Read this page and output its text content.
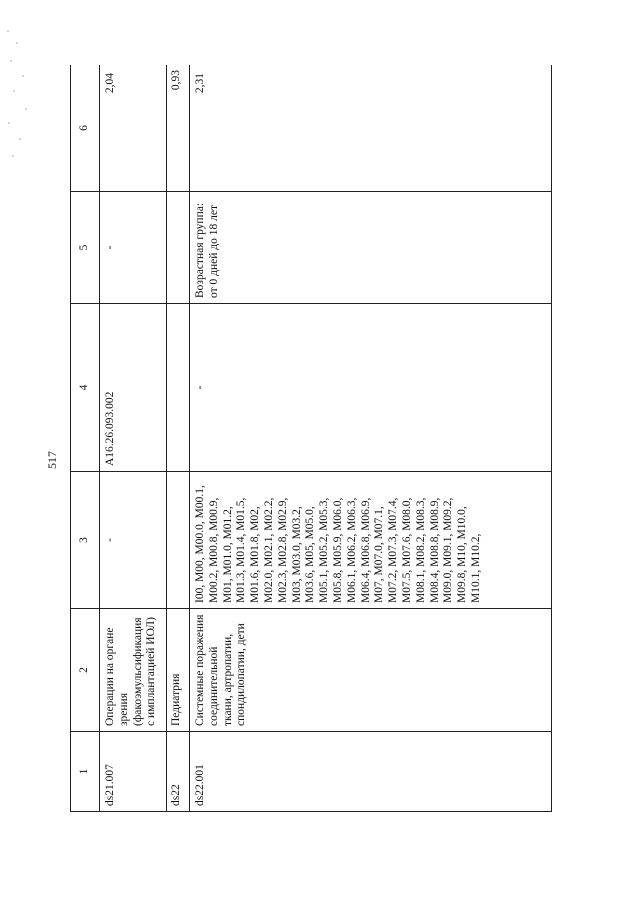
517
1	2	3	4	5	6
ds21.007	Операции на органе зрения (факоэмульсификация с имплантацией ИОЛ)	-	A16.26.093.002	-	2,04
ds22	Педиатрия				0,93
ds22.001	Системные поражения соединительной ткани, артропатии, спондилопатии, дети	I00, M00, M00.0, M00.1, M00.2, M00.8, M00.9, M01, M01.0, M01.2, M01.3, M01.4, M01.5, M01.6, M01.8, M02, M02.0, M02.1, M02.2, M02.3, M02.8, M02.9, M03, M03.0, M03.2, M03.6, M05, M05.0, M05.1, M05.2, M05.3, M05.8, M05.9, M06.0, M06.1, M06.2, M06.3, M06.4, M06.8, M06.9, M07, M07.0, M07.1, M07.2, M07.3, M07.4, M07.5, M07.6, M08.0, M08.1, M08.2, M08.3, M08.4, M08.8, M08.9, M09.0, M09.1, M09.2, M09.8, M10, M10.0, M10.1, M10.2,	-	Возрастная группа: от 0 дней до 18 лет	2,31
